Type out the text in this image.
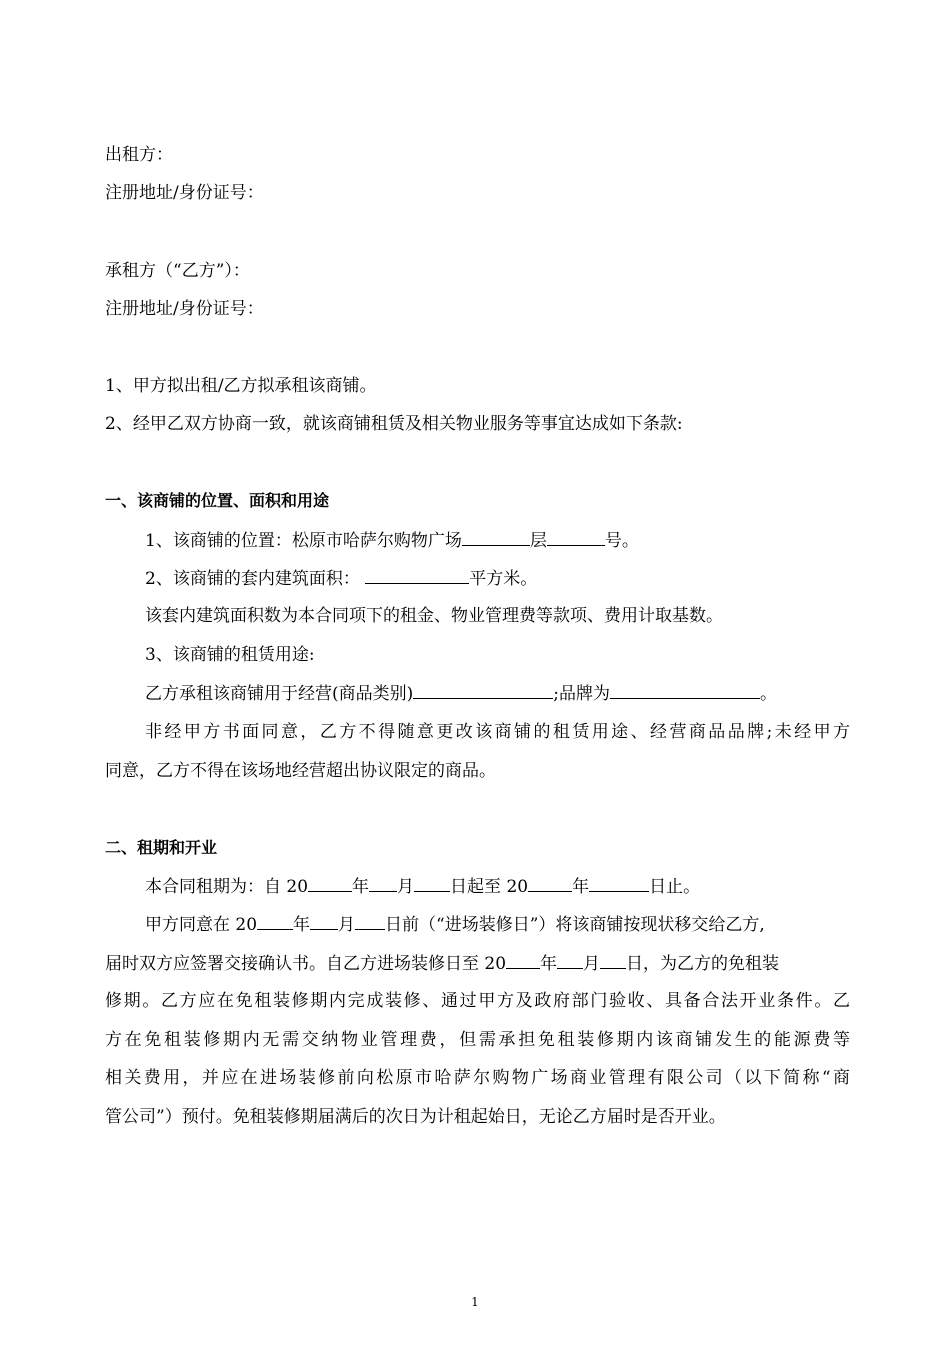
出租方：
注册地址/身份证号：
承租方（“乙方”）：
注册地址/身份证号：
1、甲方拟出租/乙方拟承租该商铺。
2、经甲乙双方协商一致，就该商铺租赁及相关物业服务等事宜达成如下条款:
一、该商铺的位置、面积和用途
1、该商铺的位置：松原市哈萨尔购物广场	层	号。
2、该商铺的套内建筑面积：	平方米。
该套内建筑面积数为本合同项下的租金、物业管理费等款项、费用计取基数。
3、该商铺的租赁用途:
乙方承租该商铺用于经营(商品类别)	;品牌为	。
非经甲方书面同意，乙方不得随意更改该商铺的租赁用途、经营商品品牌;未经甲方
同意，乙方不得在该场地经营超出协议限定的商品。
二、租期和开业
本合同租期为：自 20	年 月 日起至 20	年	日止。
甲方同意在 20 年 月 日前（“进场装修日”）将该商铺按现状移交给乙方,
届时双方应签署交接确认书。自乙方进场装修日至 20 年 月 日，为乙方的免租装
修期。乙方应在免租装修期内完成装修、通过甲方及政府部门验收、具备合法开业条件。乙
方在免租装修期内无需交纳物业管理费，但需承担免租装修期内该商铺发生的能源费等
相关费用，并应在进场装修前向松原市哈萨尔购物广场商业管理有限公司（以下简称“商
管公司”）预付。免租装修期届满后的次日为计租起始日，无论乙方届时是否开业。
1
